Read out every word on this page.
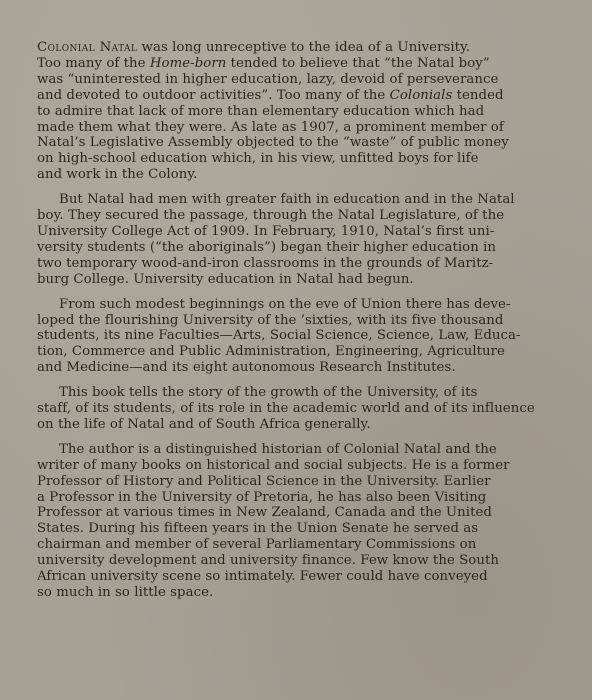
Colonial Natal was long unreceptive to the idea of a University.
Too many of the Home-born tended to believe that “the Natal boy”
was “uninterested in higher education, lazy, devoid of perseverance
and devoted to outdoor activities”. Too many of the Colonials tended
to admire that lack of more than elementary education which had
made them what they were. As late as 1907, a prominent member of
Natal’s Legislative Assembly objected to the “waste” of public money
on high-school education which, in his view, unfitted boys for life
and work in the Colony.
But Natal had men with greater faith in education and in the Natal
boy. They secured the passage, through the Natal Legislature, of the
University College Act of 1909. In February, 1910, Natal’s first uni-
versity students (“the aboriginals”) began their higher education in
two temporary wood-and-iron classrooms in the grounds of Maritz-
burg College. University education in Natal had begun.
From such modest beginnings on the eve of Union there has deve-
loped the flourishing University of the ’sixties, with its five thousand
students, its nine Faculties—Arts, Social Science, Science, Law, Educa-
tion, Commerce and Public Administration, Engineering, Agriculture
and Medicine—and its eight autonomous Research Institutes.
This book tells the story of the growth of the University, of its
staff, of its students, of its role in the academic world and of its influence
on the life of Natal and of South Africa generally.
The author is a distinguished historian of Colonial Natal and the
writer of many books on historical and social subjects. He is a former
Professor of History and Political Science in the University. Earlier
a Professor in the University of Pretoria, he has also been Visiting
Professor at various times in New Zealand, Canada and the United
States. During his fifteen years in the Union Senate he served as
chairman and member of several Parliamentary Commissions on
university development and university finance. Few know the South
African university scene so intimately. Fewer could have conveyed
so much in so little space.
